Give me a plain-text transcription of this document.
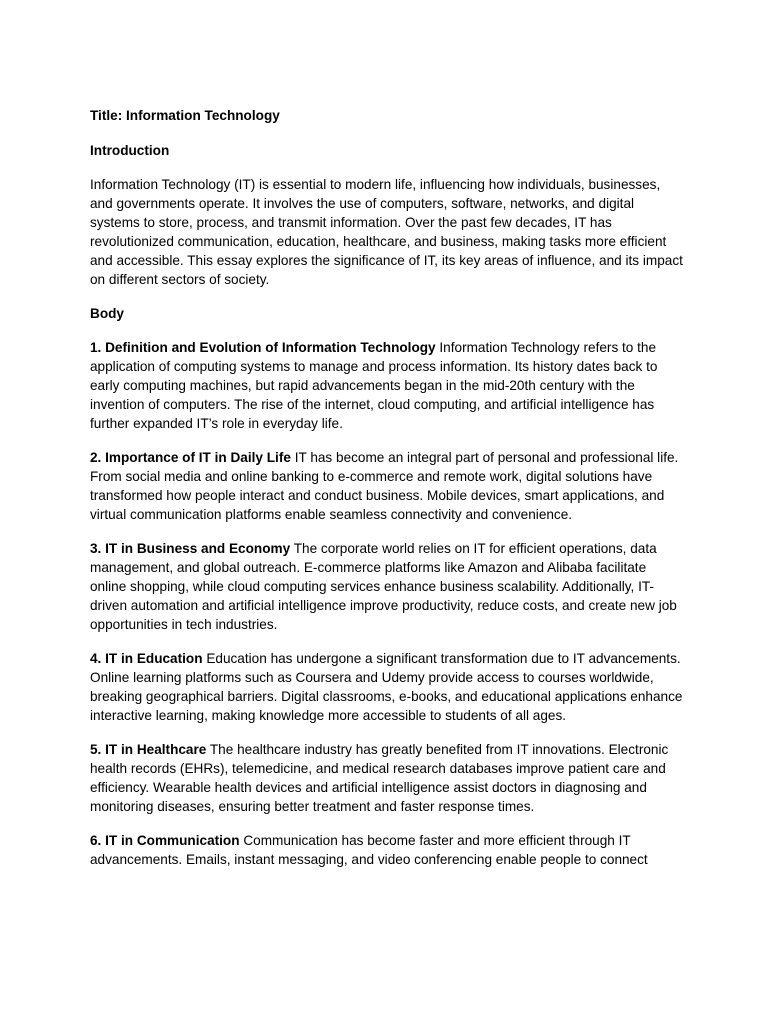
Title: Information Technology

Introduction

Information Technology (IT) is essential to modern life, influencing how individuals, businesses, and governments operate. It involves the use of computers, software, networks, and digital systems to store, process, and transmit information. Over the past few decades, IT has revolutionized communication, education, healthcare, and business, making tasks more efficient and accessible. This essay explores the significance of IT, its key areas of influence, and its impact on different sectors of society.

Body

1. Definition and Evolution of Information Technology Information Technology refers to the application of computing systems to manage and process information. Its history dates back to early computing machines, but rapid advancements began in the mid-20th century with the invention of computers. The rise of the internet, cloud computing, and artificial intelligence has further expanded IT’s role in everyday life.

2. Importance of IT in Daily Life IT has become an integral part of personal and professional life. From social media and online banking to e-commerce and remote work, digital solutions have transformed how people interact and conduct business. Mobile devices, smart applications, and virtual communication platforms enable seamless connectivity and convenience.

3. IT in Business and Economy The corporate world relies on IT for efficient operations, data management, and global outreach. E-commerce platforms like Amazon and Alibaba facilitate online shopping, while cloud computing services enhance business scalability. Additionally, IT-driven automation and artificial intelligence improve productivity, reduce costs, and create new job opportunities in tech industries.

4. IT in Education Education has undergone a significant transformation due to IT advancements. Online learning platforms such as Coursera and Udemy provide access to courses worldwide, breaking geographical barriers. Digital classrooms, e-books, and educational applications enhance interactive learning, making knowledge more accessible to students of all ages.

5. IT in Healthcare The healthcare industry has greatly benefited from IT innovations. Electronic health records (EHRs), telemedicine, and medical research databases improve patient care and efficiency. Wearable health devices and artificial intelligence assist doctors in diagnosing and monitoring diseases, ensuring better treatment and faster response times.

6. IT in Communication Communication has become faster and more efficient through IT advancements. Emails, instant messaging, and video conferencing enable people to connect
